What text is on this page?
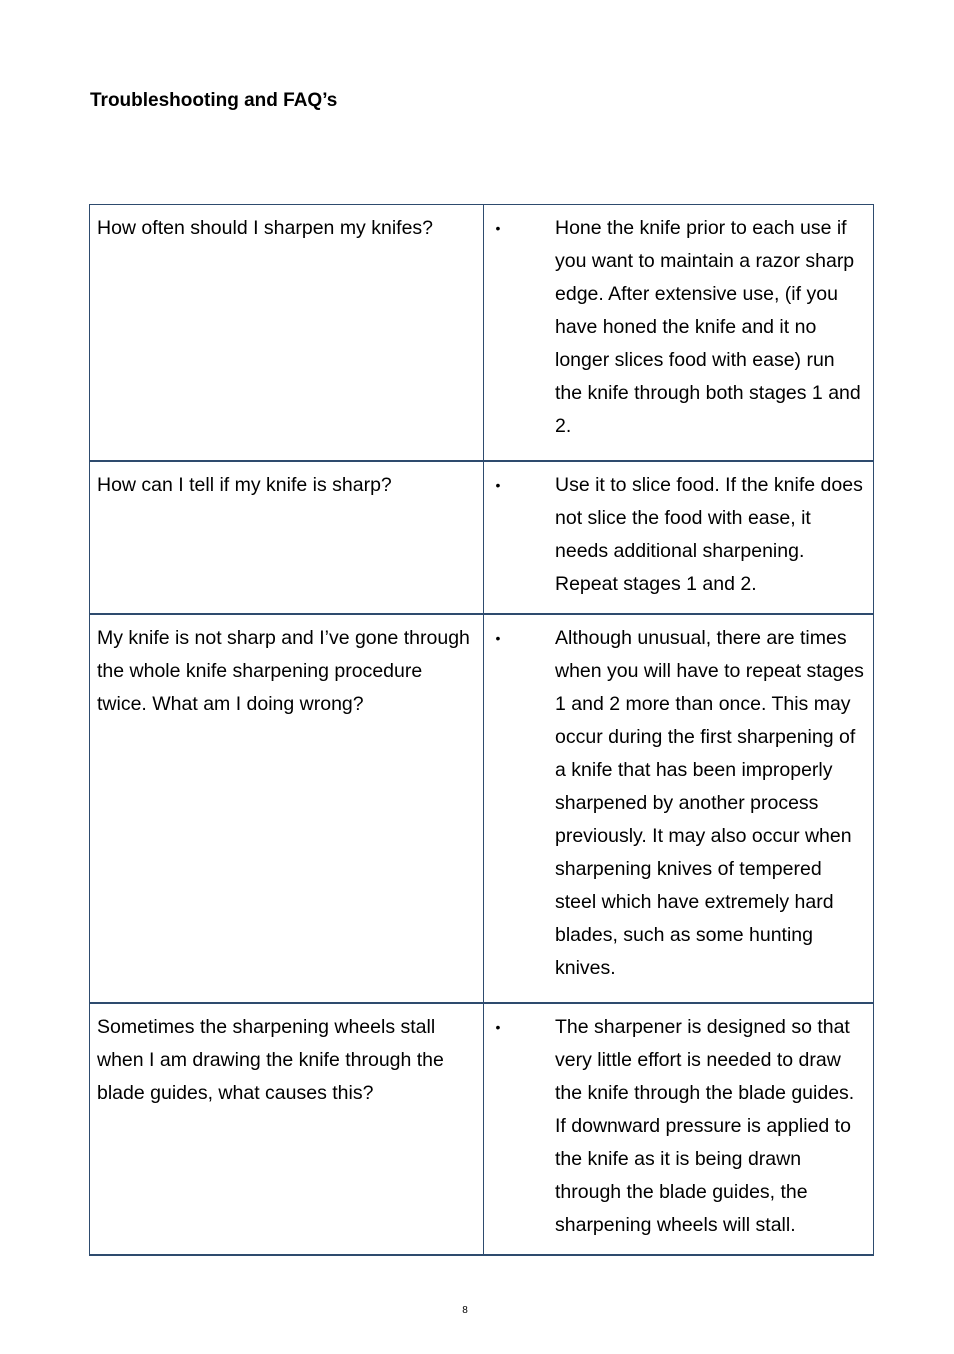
Troubleshooting and FAQ’s
How often should I sharpen my knifes?	• Hone the knife prior to each use if you want to maintain a razor sharp edge. After extensive use, (if you have honed the knife and it no longer slices food with ease) run the knife through both stages 1 and 2.

How can I tell if my knife is sharp?	• Use it to slice food. If the knife does not slice the food with ease, it needs additional sharpening. Repeat stages 1 and 2.

My knife is not sharp and I’ve gone through the whole knife sharpening procedure twice. What am I doing wrong?	• Although unusual, there are times when you will have to repeat stages 1 and 2 more than once. This may occur during the first sharpening of a knife that has been improperly sharpened by another process previously. It may also occur when sharpening knives of tempered steel which have extremely hard blades, such as some hunting knives.

Sometimes the sharpening wheels stall when I am drawing the knife through the blade guides, what causes this?	• The sharpener is designed so that very little effort is needed to draw the knife through the blade guides. If downward pressure is applied to the knife as it is being drawn through the blade guides, the sharpening wheels will stall.
8
